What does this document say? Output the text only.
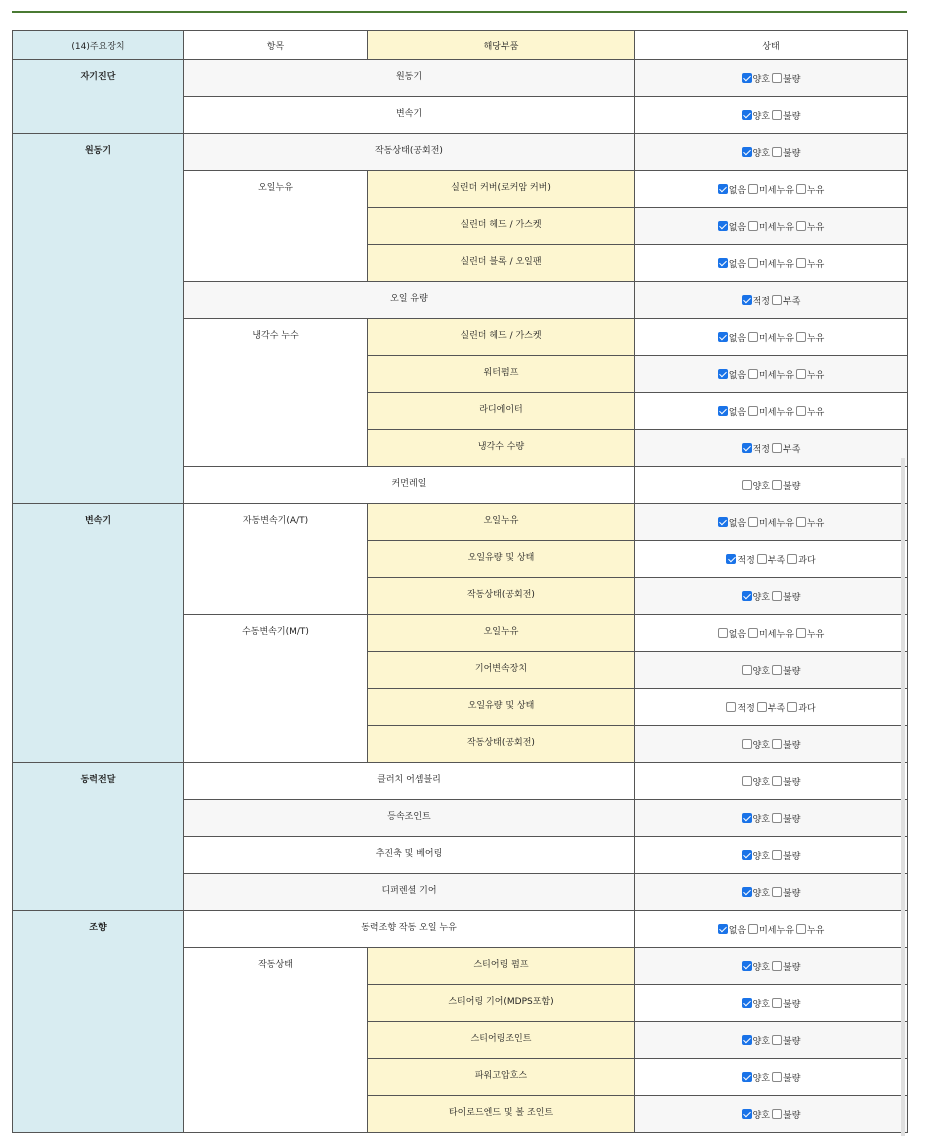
(14)주요장치	항목	해당부품	상태
자기진단	원동기		양호 불량
	변속기		양호 불량
원동기	작동상태(공회전)		양호 불량
	오일누유	실린더 커버(로커암 커버)	없음 미세누유 누유
		실린더 헤드 / 가스켓	없음 미세누유 누유
		실린더 블록 / 오일팬	없음 미세누유 누유
	오일 유량		적정 부족
	냉각수 누수	실린더 헤드 / 가스켓	없음 미세누유 누유
		워터펌프	없음 미세누유 누유
		라디에이터	없음 미세누유 누유
		냉각수 수량	적정 부족
	커먼레일		양호 불량
변속기	자동변속기(A/T)	오일누유	없음 미세누유 누유
		오일유량 및 상태	적정 부족 과다
		작동상태(공회전)	양호 불량
	수동변속기(M/T)	오일누유	없음 미세누유 누유
		기어변속장치	양호 불량
		오일유량 및 상태	적정 부족 과다
		작동상태(공회전)	양호 불량
동력전달	클러치 어셈블리		양호 불량
	등속조인트		양호 불량
	추진축 및 베어링		양호 불량
	디퍼렌셜 기어		양호 불량
조향	동력조향 작동 오일 누유		없음 미세누유 누유
	작동상태	스티어링 펌프	양호 불량
		스티어링 기어(MDPS포함)	양호 불량
		스티어링조인트	양호 불량
		파워고압호스	양호 불량
		타이로드엔드 및 볼 조인트	양호 불량
